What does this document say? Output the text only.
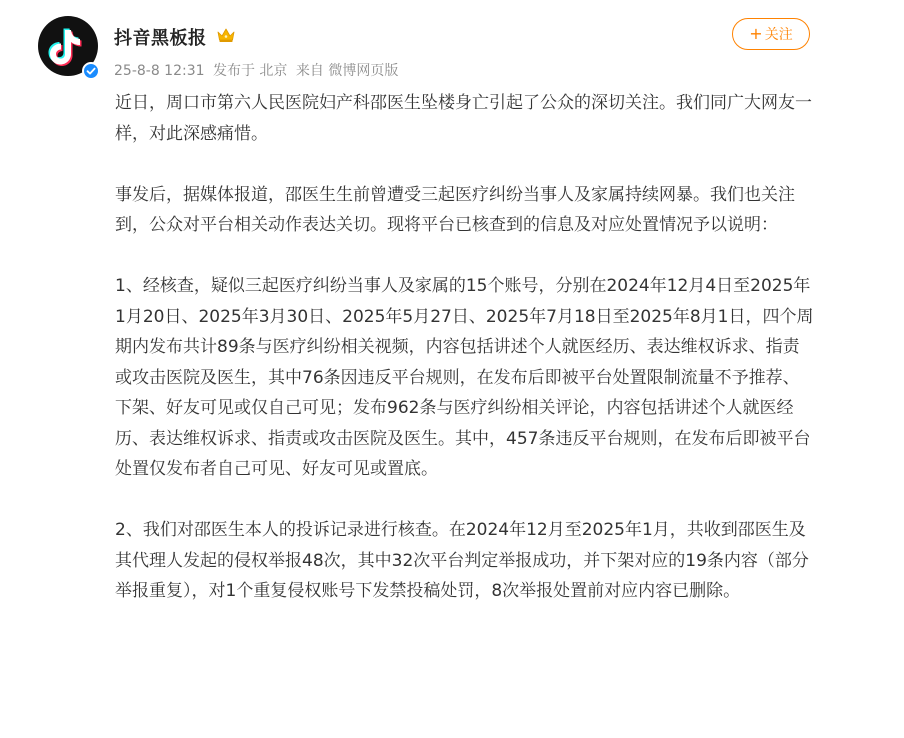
抖音黑板报
25-8-8 12:31 发布于 北京 来自 微博网页版
+ 关注

近日，周口市第六人民医院妇产科邵医生坠楼身亡引起了公众的深切关注。我们同广大网友一样，对此深感痛惜。

事发后，据媒体报道，邵医生生前曾遭受三起医疗纠纷当事人及家属持续网暴。我们也关注到，公众对平台相关动作表达关切。现将平台已核查到的信息及对应处置情况予以说明：

1、经核查，疑似三起医疗纠纷当事人及家属的15个账号，分别在2024年12月4日至2025年1月20日、2025年3月30日、2025年5月27日、2025年7月18日至2025年8月1日，四个周期内发布共计89条与医疗纠纷相关视频，内容包括讲述个人就医经历、表达维权诉求、指责或攻击医院及医生，其中76条因违反平台规则，在发布后即被平台处置限制流量不予推荐、下架、好友可见或仅自己可见；发布962条与医疗纠纷相关评论，内容包括讲述个人就医经历、表达维权诉求、指责或攻击医院及医生。其中，457条违反平台规则，在发布后即被平台处置仅发布者自己可见、好友可见或置底。

2、我们对邵医生本人的投诉记录进行核查。在2024年12月至2025年1月，共收到邵医生及其代理人发起的侵权举报48次，其中32次平台判定举报成功，并下架对应的19条内容（部分举报重复），对1个重复侵权账号下发禁投稿处罚，8次举报处置前对应内容已删除。
